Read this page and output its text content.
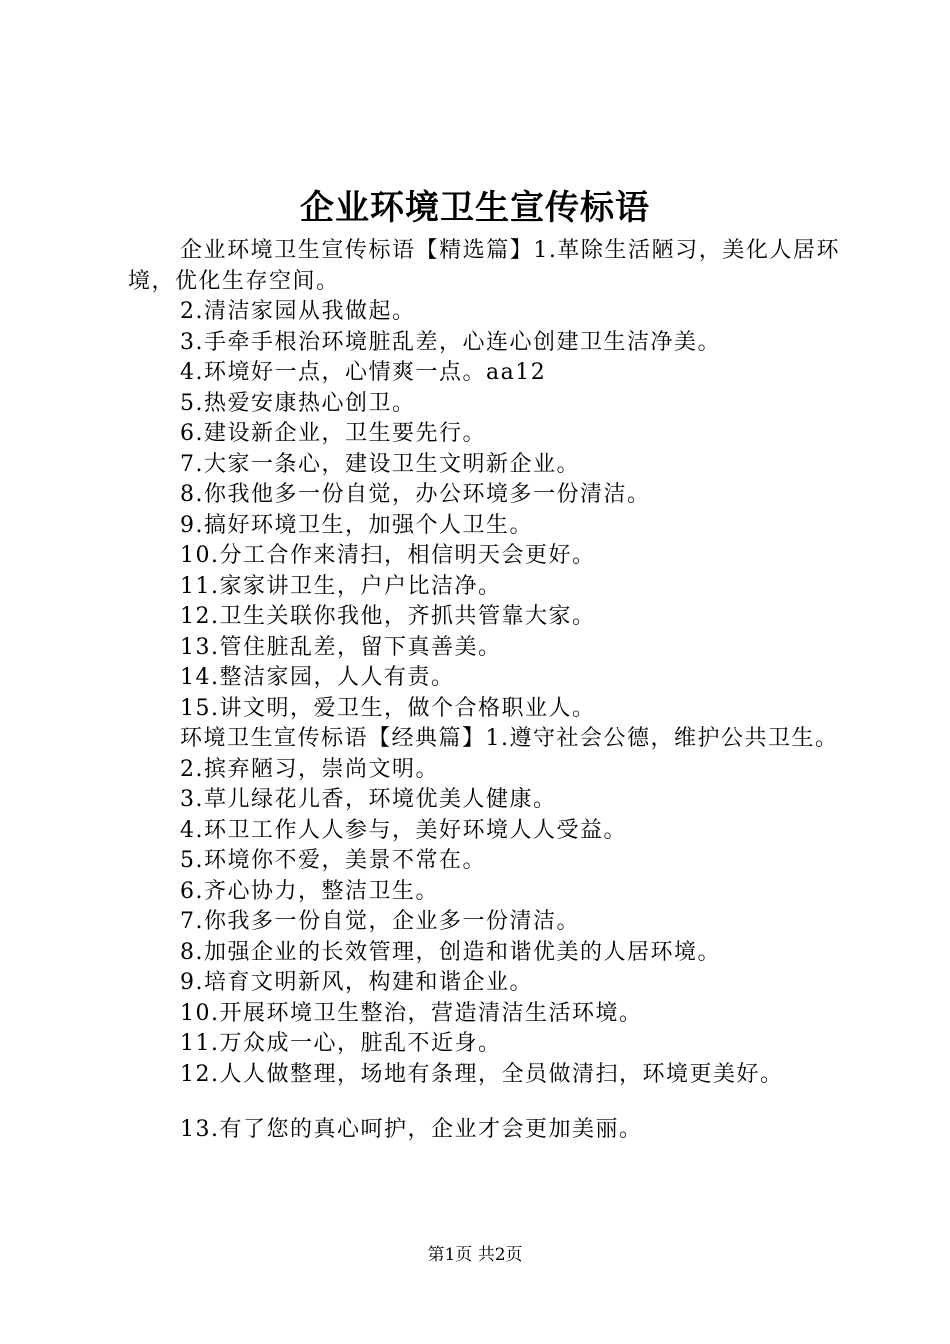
企业环境卫生宣传标语

企业环境卫生宣传标语【精选篇】1.革除生活陋习，美化人居环境，优化生存空间。

2.清洁家园从我做起。

3.手牵手根治环境脏乱差，心连心创建卫生洁净美。

4.环境好一点，心情爽一点。aa12

5.热爱安康热心创卫。

6.建设新企业，卫生要先行。

7.大家一条心，建设卫生文明新企业。

8.你我他多一份自觉，办公环境多一份清洁。

9.搞好环境卫生，加强个人卫生。

10.分工合作来清扫，相信明天会更好。

11.家家讲卫生，户户比洁净。

12.卫生关联你我他，齐抓共管靠大家。

13.管住脏乱差，留下真善美。

14.整洁家园，人人有责。

15.讲文明，爱卫生，做个合格职业人。

环境卫生宣传标语【经典篇】1.遵守社会公德，维护公共卫生。

2.摈弃陋习，崇尚文明。

3.草儿绿花儿香，环境优美人健康。

4.环卫工作人人参与，美好环境人人受益。

5.环境你不爱，美景不常在。

6.齐心协力，整洁卫生。

7.你我多一份自觉，企业多一份清洁。

8.加强企业的长效管理，创造和谐优美的人居环境。

9.培育文明新风，构建和谐企业。

10.开展环境卫生整治，营造清洁生活环境。

11.万众成一心，脏乱不近身。

12.人人做整理，场地有条理，全员做清扫，环境更美好。

13.有了您的真心呵护，企业才会更加美丽。

第1页 共2页
